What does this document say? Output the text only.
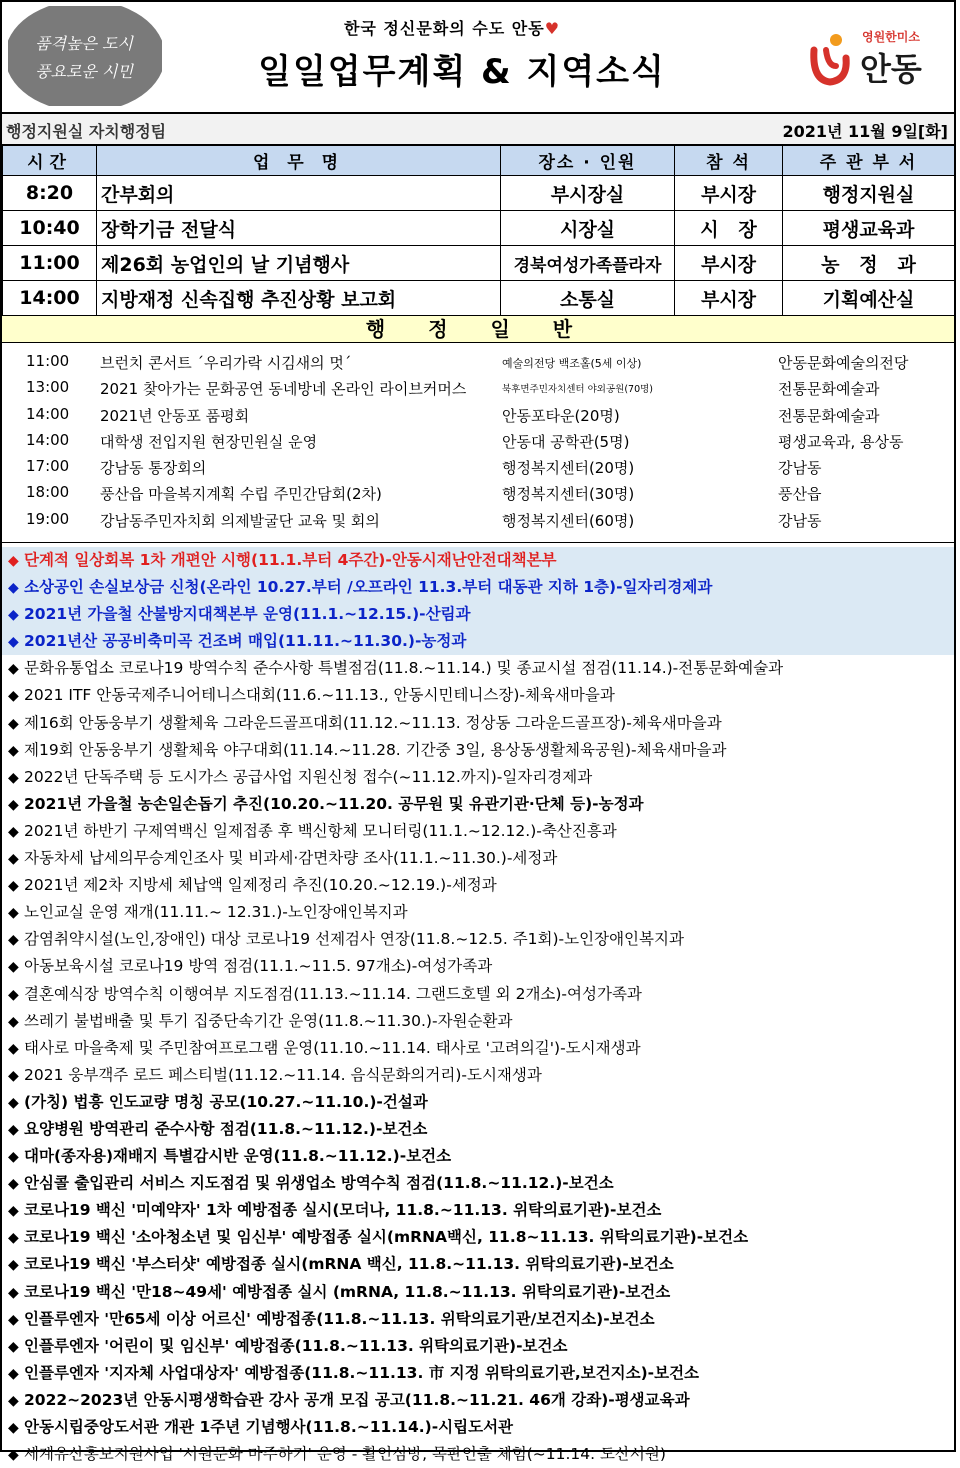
품격높은 도시
풍요로운 시민
한국 정신문화의 수도 안동♥
일일업무계획 & 지역소식
영원한미소
안동
행정지원실 자치행정팀	2021년 11월 9일[화]
시간	업 무 명	장소 · 인원	참 석	주 관 부 서
8:20	간부회의	부시장실	부시장	행정지원실
10:40	장학기금 전달식	시장실	시   장	평생교육과
11:00	제26회 농업인의 날 기념행사	경북여성가족플라자	부시장	농   정   과
14:00	지방재정 신속집행 추진상황 보고회	소통실	부시장	기획예산실
행 정 일 반
11:00 브런치 콘서트 ´우리가락 시김새의 멋´	예술의전당 백조홀(5세 이상)	안동문화예술의전당
13:00 2021 찾아가는 문화공연 동네방네 온라인 라이브커머스	북후면주민자치센터 야외공원(70명)	전통문화예술과
14:00 2021년 안동포 품평회	안동포타운(20명)	전통문화예술과
14:00 대학생 전입지원 현장민원실 운영	안동대 공학관(5명)	평생교육과, 용상동
17:00 강남동 통장회의	행정복지센터(20명)	강남동
18:00 풍산읍 마을복지계획 수립 주민간담회(2차)	행정복지센터(30명)	풍산읍
19:00 강남동주민자치회 의제발굴단 교육 및 회의	행정복지센터(60명)	강남동
◆ 단계적 일상회복 1차 개편안 시행(11.1.부터 4주간)-안동시재난안전대책본부
◆ 소상공인 손실보상금 신청(온라인 10.27.부터 /오프라인 11.3.부터 대동관 지하 1층)-일자리경제과
◆ 2021년 가을철 산불방지대책본부 운영(11.1.~12.15.)-산림과
◆ 2021년산 공공비축미곡 건조벼 매입(11.11.~11.30.)-농정과
◆ 문화유통업소 코로나19 방역수칙 준수사항 특별점검(11.8.~11.14.) 및 종교시설 점검(11.14.)-전통문화예술과
◆ 2021 ITF 안동국제주니어테니스대회(11.6.~11.13., 안동시민테니스장)-체육새마을과
◆ 제16회 안동웅부기 생활체육 그라운드골프대회(11.12.~11.13. 정상동 그라운드골프장)-체육새마을과
◆ 제19회 안동웅부기 생활체육 야구대회(11.14.~11.28. 기간중 3일, 용상동생활체육공원)-체육새마을과
◆ 2022년 단독주택 등 도시가스 공급사업 지원신청 접수(~11.12.까지)-일자리경제과
◆ 2021년 가을철 농손일손돕기 추진(10.20.~11.20. 공무원 및 유관기관·단체 등)-농정과
◆ 2021년 하반기 구제역백신 일제접종 후 백신항체 모니터링(11.1.~12.12.)-축산진흥과
◆ 자동차세 납세의무승계인조사 및 비과세·감면차량 조사(11.1.~11.30.)-세정과
◆ 2021년 제2차 지방세 체납액 일제정리 추진(10.20.~12.19.)-세정과
◆ 노인교실 운영 재개(11.11.~ 12.31.)-노인장애인복지과
◆ 감염취약시설(노인,장애인) 대상 코로나19 선제검사 연장(11.8.~12.5. 주1회)-노인장애인복지과
◆ 아동보육시설 코로나19 방역 점검(11.1.~11.5. 97개소)-여성가족과
◆ 결혼예식장 방역수칙 이행여부 지도점검(11.13.~11.14. 그랜드호텔 외 2개소)-여성가족과
◆ 쓰레기 불법배출 및 투기 집중단속기간 운영(11.8.~11.30.)-자원순환과
◆ 태사로 마을축제 및 주민참여프로그램 운영(11.10.~11.14. 태사로 '고려의길')-도시재생과
◆ 2021 웅부객주 로드 페스티벌(11.12.~11.14. 음식문화의거리)-도시재생과
◆ (가칭) 법흥 인도교량 명칭 공모(10.27.~11.10.)-건설과
◆ 요양병원 방역관리 준수사항 점검(11.8.~11.12.)-보건소
◆ 대마(종자용)재배지 특별감시반 운영(11.8.~11.12.)-보건소
◆ 안심콜 출입관리 서비스 지도점검 및 위생업소 방역수칙 점검(11.8.~11.12.)-보건소
◆ 코로나19 백신 '미예약자' 1차 예방접종 실시(모더나, 11.8.~11.13. 위탁의료기관)-보건소
◆ 코로나19 백신 '소아청소년 및 임신부' 예방접종 실시(mRNA백신, 11.8~11.13. 위탁의료기관)-보건소
◆ 코로나19 백신 '부스터샷' 예방접종 실시(mRNA 백신, 11.8.~11.13. 위탁의료기관)-보건소
◆ 코로나19 백신 '만18~49세' 예방접종 실시 (mRNA, 11.8.~11.13. 위탁의료기관)-보건소
◆ 인플루엔자 '만65세 이상 어르신' 예방접종(11.8.~11.13. 위탁의료기관/보건지소)-보건소
◆ 인플루엔자 '어린이 및 임신부' 예방접종(11.8.~11.13. 위탁의료기관)-보건소
◆ 인플루엔자 '지자체 사업대상자' 예방접종(11.8.~11.13. 市 지정 위탁의료기관,보건지소)-보건소
◆ 2022~2023년 안동시평생학습관 강사 공개 모집 공고(11.8.~11.21. 46개 강좌)-평생교육과
◆ 안동시립중앙도서관 개관 1주년 기념행사(11.8.~11.14.)-시립도서관
◆ 세계유산홍보지원사업 '서원문화 마주하기' 운영 - 활인심방, 목판인출 체험(~11.14. 도산서원)
